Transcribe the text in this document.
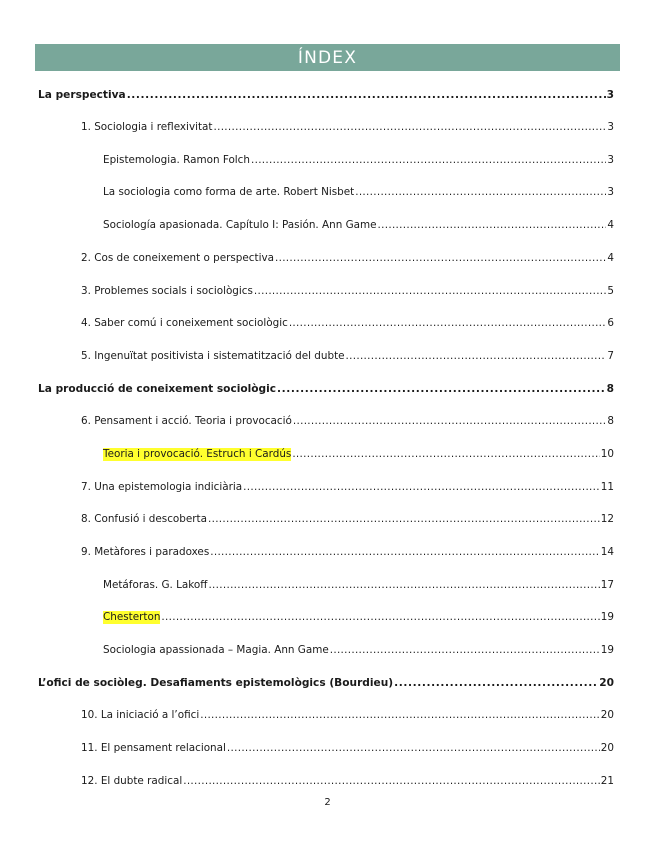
ÍNDEX
La perspectiva .....	3
1. Sociologia i reflexivitat .....	3
Epistemologia. Ramon Folch .....	3
La sociologia como forma de arte. Robert Nisbet .....	3
Sociología apasionada. Capítulo I: Pasión. Ann Game .....	4
2. Cos de coneixement o perspectiva .....	4
3. Problemes socials i sociològics .....	5
4. Saber comú i coneixement sociològic .....	6
5. Ingenuïtat positivista i sistematització del dubte .....	7
La producció de coneixement sociològic .....	8
6. Pensament i acció. Teoria i provocació .....	8
Teoria i provocació. Estruch i Cardús .....	10
7. Una epistemologia indiciària .....	11
8. Confusió i descoberta .....	12
9. Metàfores i paradoxes .....	14
Metáforas. G. Lakoff .....	17
Chesterton .....	19
Sociologia apassionada – Magia. Ann Game .....	19
L’ofici de sociòleg. Desafiaments epistemològics (Bourdieu) .....	20
10. La iniciació a l’ofici .....	20
11. El pensament relacional .....	20
12. El dubte radical .....	21
2
